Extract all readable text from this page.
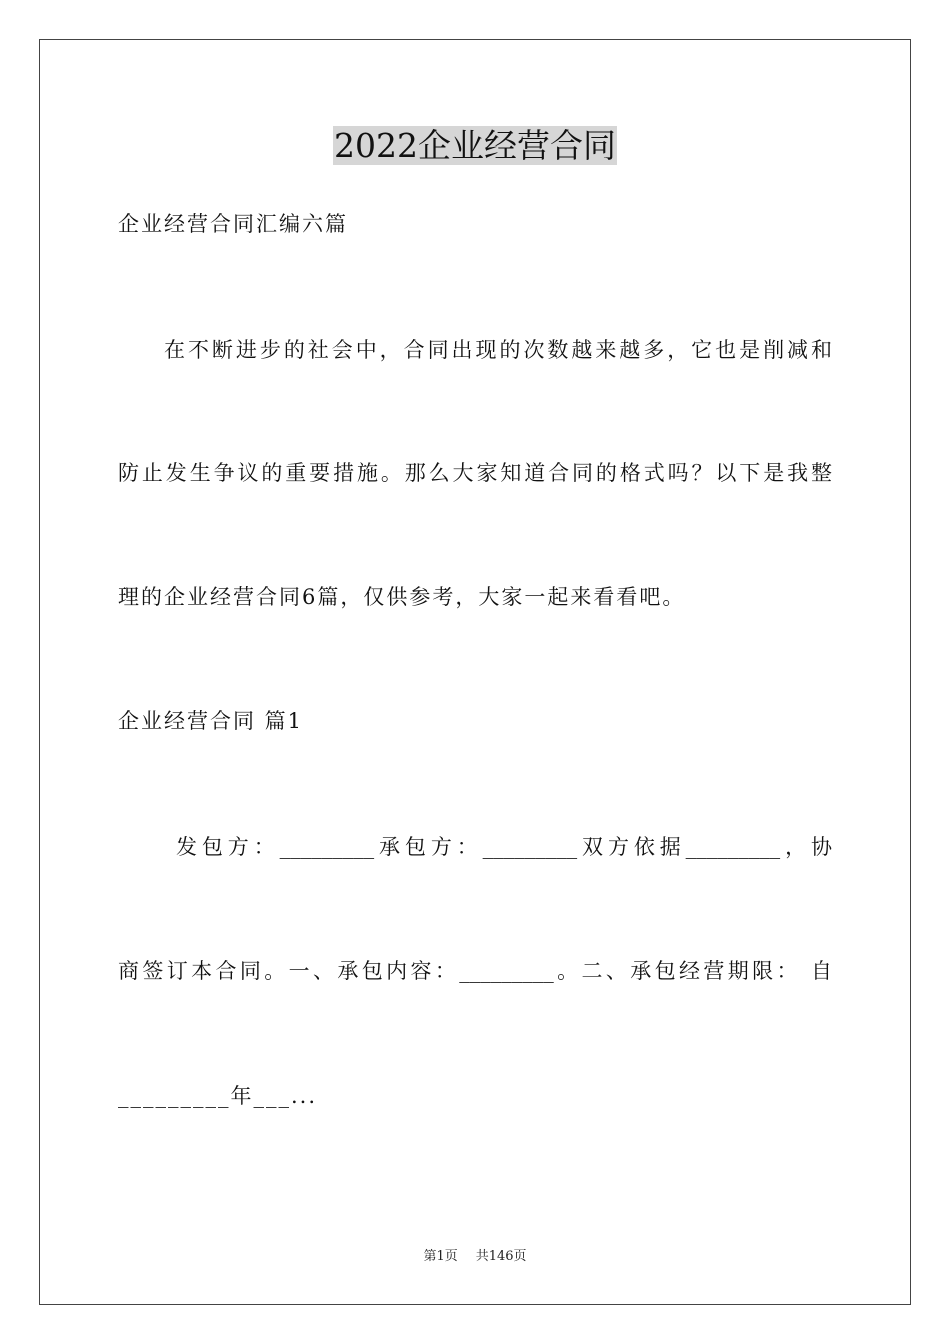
2022企业经营合同
企业经营合同汇编六篇
在不断进步的社会中，合同出现的次数越来越多，它也是削减和
防止发生争议的重要措施。那么大家知道合同的格式吗？以下是我整
理的企业经营合同6篇，仅供参考，大家一起来看看吧。
企业经营合同 篇1
发包方：_________承包方：_________双方依据_________，协
商签订本合同。一、承包内容：_________。二、承包经营期限： 自
_________年___...
第1页 共146页
